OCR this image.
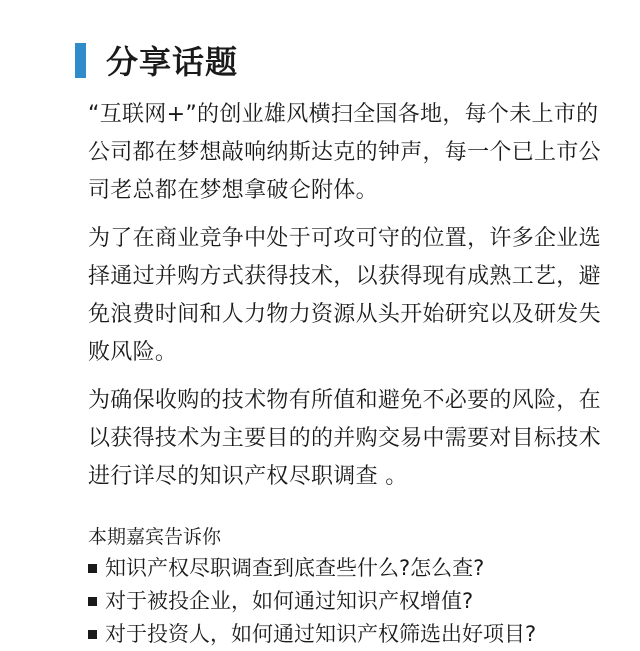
分享话题

“互联网+”的创业雄风横扫全国各地，每个未上市的公司都在梦想敲响纳斯达克的钟声，每一个已上市公司老总都在梦想拿破仑附体。

为了在商业竞争中处于可攻可守的位置，许多企业选择通过并购方式获得技术，以获得现有成熟工艺，避免浪费时间和人力物力资源从头开始研究以及研发失败风险。

为确保收购的技术物有所值和避免不必要的风险，在以获得技术为主要目的的并购交易中需要对目标技术进行详尽的知识产权尽职调查 。

本期嘉宾告诉你
知识产权尽职调查到底查些什么?怎么查?
对于被投企业，如何通过知识产权增值?
对于投资人，如何通过知识产权筛选出好项目?
